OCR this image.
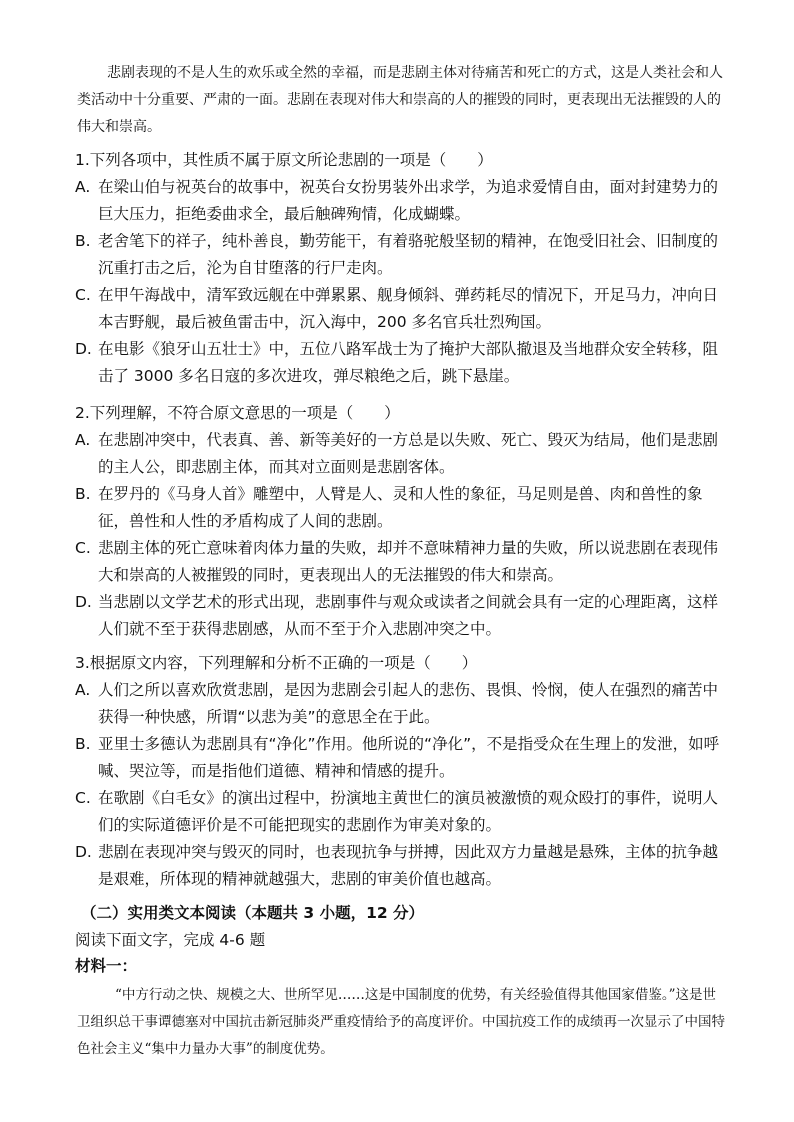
悲剧表现的不是人生的欢乐或全然的幸福，而是悲剧主体对待痛苦和死亡的方式，这是人类社会和人类活动中十分重要、严肃的一面。悲剧在表现对伟大和崇高的人的摧毁的同时，更表现出无法摧毁的人的伟大和崇高。

1.下列各项中，其性质不属于原文所论悲剧的一项是（　　）

A. 在梁山伯与祝英台的故事中，祝英台女扮男装外出求学，为追求爱情自由，面对封建势力的巨大压力，拒绝委曲求全，最后触碑殉情，化成蝴蝶。

B. 老舍笔下的祥子，纯朴善良，勤劳能干，有着骆驼般坚韧的精神，在饱受旧社会、旧制度的沉重打击之后，沦为自甘堕落的行尸走肉。

C. 在甲午海战中，清军致远舰在中弹累累、舰身倾斜、弹药耗尽的情况下，开足马力，冲向日本吉野舰，最后被鱼雷击中，沉入海中，200 多名官兵壮烈殉国。

D. 在电影《狼牙山五壮士》中，五位八路军战士为了掩护大部队撤退及当地群众安全转移，阻击了 3000 多名日寇的多次进攻，弹尽粮绝之后，跳下悬崖。

2.下列理解，不符合原文意思的一项是（　　）

A. 在悲剧冲突中，代表真、善、新等美好的一方总是以失败、死亡、毁灭为结局，他们是悲剧的主人公，即悲剧主体，而其对立面则是悲剧客体。

B. 在罗丹的《马身人首》雕塑中，人臂是人、灵和人性的象征，马足则是兽、肉和兽性的象征，兽性和人性的矛盾构成了人间的悲剧。

C. 悲剧主体的死亡意味着肉体力量的失败，却并不意味精神力量的失败，所以说悲剧在表现伟大和崇高的人被摧毁的同时，更表现出人的无法摧毁的伟大和崇高。

D. 当悲剧以文学艺术的形式出现，悲剧事件与观众或读者之间就会具有一定的心理距离，这样人们就不至于获得悲剧感，从而不至于介入悲剧冲突之中。

3.根据原文内容，下列理解和分析不正确的一项是（　　）

A. 人们之所以喜欢欣赏悲剧，是因为悲剧会引起人的悲伤、畏惧、怜悯，使人在强烈的痛苦中获得一种快感，所谓“以悲为美”的意思全在于此。

B. 亚里士多德认为悲剧具有“净化”作用。他所说的“净化”，不是指受众在生理上的发泄，如呼喊、哭泣等，而是指他们道德、精神和情感的提升。

C. 在歌剧《白毛女》的演出过程中，扮演地主黄世仁的演员被激愤的观众殴打的事件，说明人们的实际道德评价是不可能把现实的悲剧作为审美对象的。

D. 悲剧在表现冲突与毁灭的同时，也表现抗争与拼搏，因此双方力量越是悬殊，主体的抗争越是艰难，所体现的精神就越强大，悲剧的审美价值也越高。

（二）实用类文本阅读（本题共 3 小题，12 分）

阅读下面文字，完成 4-6 题

材料一：

“中方行动之快、规模之大、世所罕见……这是中国制度的优势，有关经验值得其他国家借鉴。”这是世卫组织总干事谭德塞对中国抗击新冠肺炎严重疫情给予的高度评价。中国抗疫工作的成绩再一次显示了中国特色社会主义“集中力量办大事”的制度优势。
